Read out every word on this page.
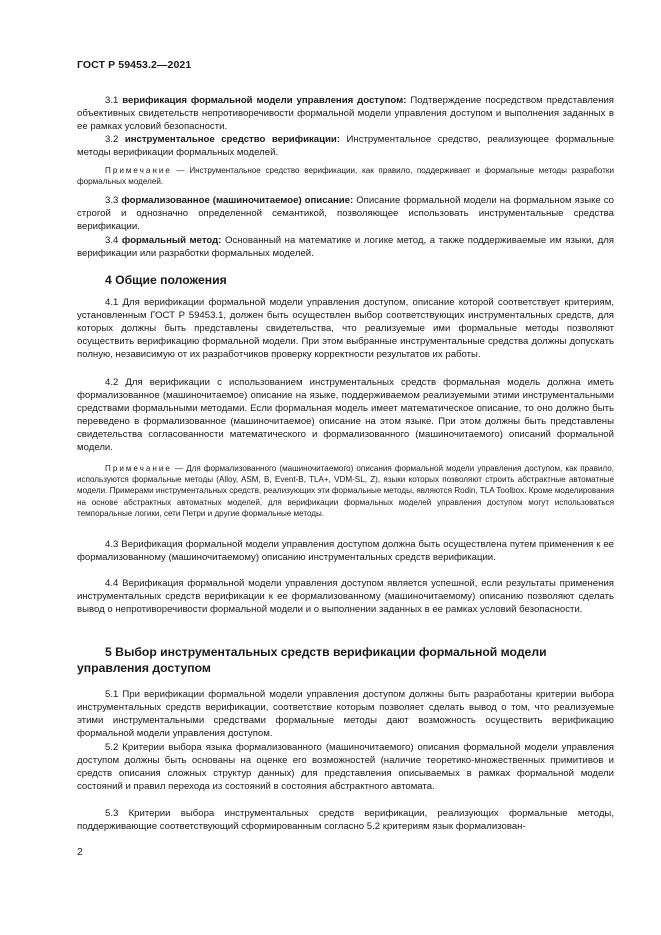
ГОСТ Р 59453.2—2021

3.1 верификация формальной модели управления доступом: Подтверждение посредством представления объективных свидетельств непротиворечивости формальной модели управления доступом и выполнения заданных в ее рамках условий безопасности.

3.2 инструментальное средство верификации: Инструментальное средство, реализующее формальные методы верификации формальных моделей.

Примечание — Инструментальное средство верификации, как правило, поддерживает и формальные методы разработки формальных моделей.

3.3 формализованное (машиночитаемое) описание: Описание формальной модели на формальном языке со строгой и однозначно определенной семантикой, позволяющее использовать инструментальные средства верификации.

3.4 формальный метод: Основанный на математике и логике метод, а также поддерживаемые им языки, для верификации или разработки формальных моделей.

4 Общие положения

4.1 Для верификации формальной модели управления доступом, описание которой соответствует критериям, установленным ГОСТ Р 59453.1, должен быть осуществлен выбор соответствующих инструментальных средств, для которых должны быть представлены свидетельства, что реализуемые ими формальные методы позволяют осуществить верификацию формальной модели. При этом выбранные инструментальные средства должны допускать полную, независимую от их разработчиков проверку корректности результатов их работы.

4.2 Для верификации с использованием инструментальных средств формальная модель должна иметь формализованное (машиночитаемое) описание на языке, поддерживаемом реализуемыми этими инструментальными средствами формальными методами. Если формальная модель имеет математическое описание, то оно должно быть переведено в формализованное (машиночитаемое) описание на этом языке. При этом должны быть представлены свидетельства согласованности математического и формализованного (машиночитаемого) описаний формальной модели.

Примечание — Для формализованного (машиночитаемого) описания формальной модели управления доступом, как правило, используются формальные методы (Alloy, ASM, B, Event-B, TLA+, VDM-SL, Z), языки которых позволяют строить абстрактные автоматные модели. Примерами инструментальных средств, реализующих эти формальные методы, являются Rodin, TLA Toolbox. Кроме моделирования на основе абстрактных автоматных моделей, для верификации формальных моделей управления доступом могут использоваться темпоральные логики, сети Петри и другие формальные методы.

4.3 Верификация формальной модели управления доступом должна быть осуществлена путем применения к ее формализованному (машиночитаемому) описанию инструментальных средств верификации.

4.4 Верификация формальной модели управления доступом является успешной, если результаты применения инструментальных средств верификации к ее формализованному (машиночитаемому) описанию позволяют сделать вывод о непротиворечивости формальной модели и о выполнении заданных в ее рамках условий безопасности.

5 Выбор инструментальных средств верификации формальной модели

управления доступом

5.1 При верификации формальной модели управления доступом должны быть разработаны критерии выбора инструментальных средств верификации, соответствие которым позволяет сделать вывод о том, что реализуемые этими инструментальными средствами формальные методы дают возможность осуществить верификацию формальной модели управления доступом.

5.2 Критерии выбора языка формализованного (машиночитаемого) описания формальной модели управления доступом должны быть основаны на оценке его возможностей (наличие теоретико-множественных примитивов и средств описания сложных структур данных) для представления описываемых в рамках формальной модели состояний и правил перехода из состояний в состояния абстрактного автомата.

5.3 Критерии выбора инструментальных средств верификации, реализующих формальные методы, поддерживающие соответствующий сформированным согласно 5.2 критериям язык формализован-

2
